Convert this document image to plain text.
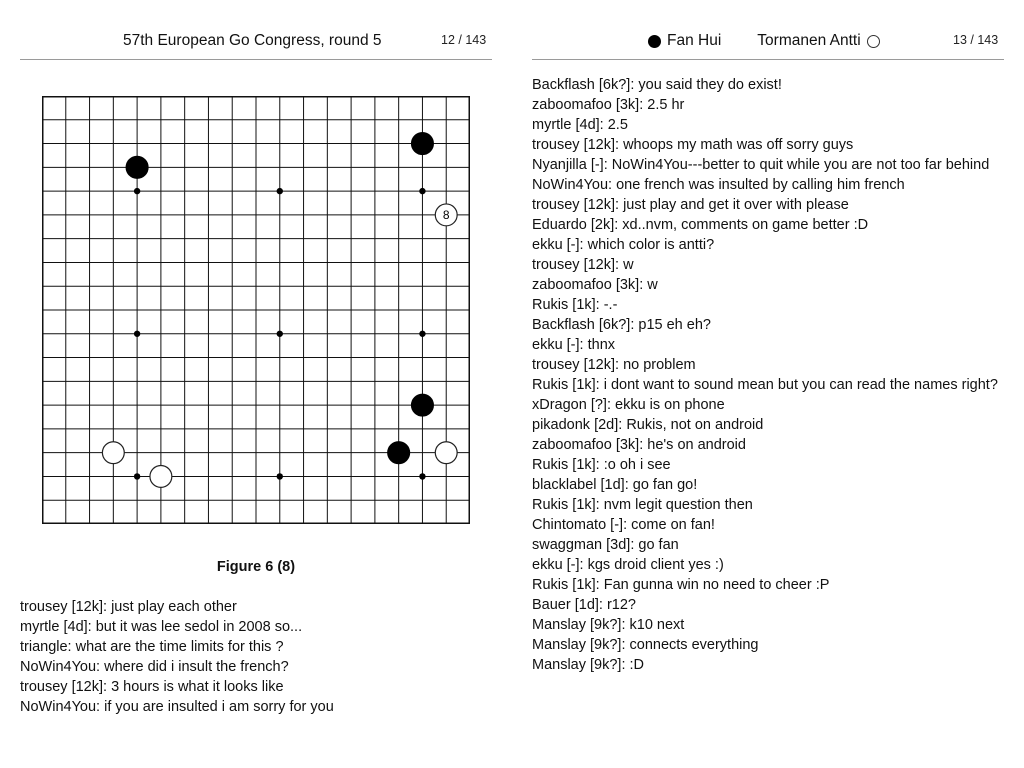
57th European Go Congress, round 5	12 / 143
8
Figure 6 (8)
trousey [12k]: just play each other
myrtle [4d]: but it was lee sedol in 2008 so...
triangle: what are the time limits for this ?
NoWin4You: where did i insult the french?
trousey [12k]: 3 hours is what it looks like
NoWin4You: if you are insulted i am sorry for you
Fan Hui Tormanen Antti	13 / 143
Backflash [6k?]: you said they do exist!
zaboomafoo [3k]: 2.5 hr
myrtle [4d]: 2.5
trousey [12k]: whoops my math was off sorry guys
Nyanjilla [-]: NoWin4You---better to quit while you are not too far behind
NoWin4You: one french was insulted by calling him french
trousey [12k]: just play and get it over with please
Eduardo [2k]: xd..nvm, comments on game better :D
ekku [-]: which color is antti?
trousey [12k]: w
zaboomafoo [3k]: w
Rukis [1k]: -.-
Backflash [6k?]: p15 eh eh?
ekku [-]: thnx
trousey [12k]: no problem
Rukis [1k]: i dont want to sound mean but you can read the names right?
xDragon [?]: ekku is on phone
pikadonk [2d]: Rukis, not on android
zaboomafoo [3k]: he's on android
Rukis [1k]: :o oh i see
blacklabel [1d]: go fan go!
Rukis [1k]: nvm legit question then
Chintomato [-]: come on fan!
swaggman [3d]: go fan
ekku [-]: kgs droid client yes :)
Rukis [1k]: Fan gunna win no need to cheer :P
Bauer [1d]: r12?
Manslay [9k?]: k10 next
Manslay [9k?]: connects everything
Manslay [9k?]: :D
